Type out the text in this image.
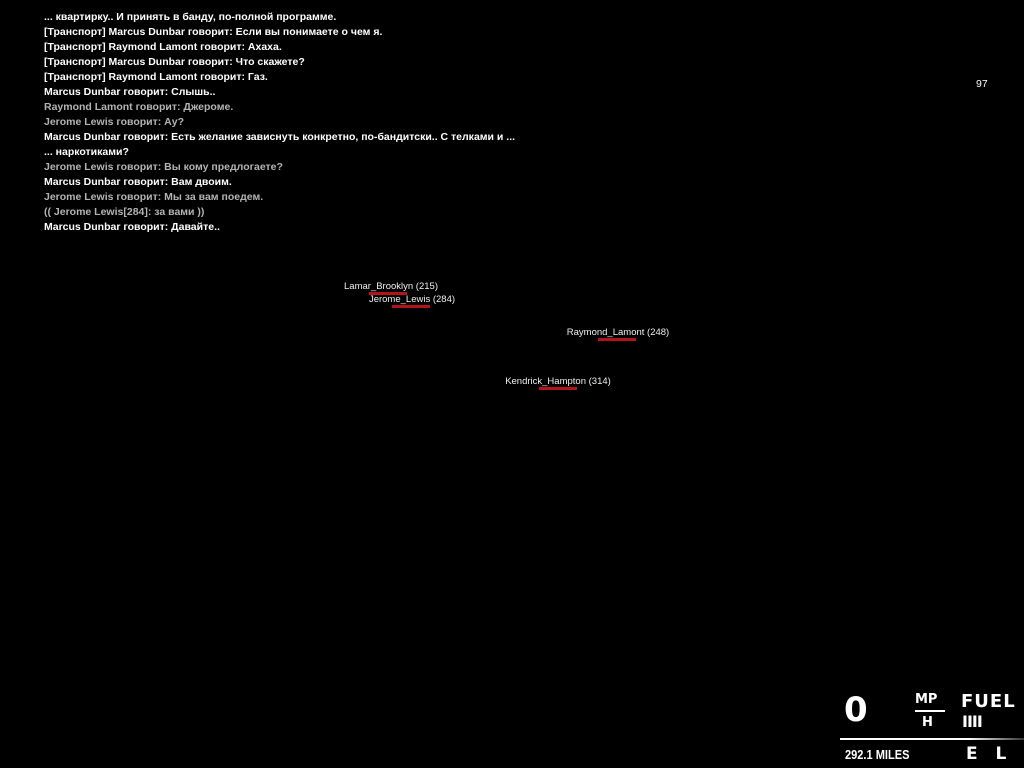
... квартирку.. И принять в банду, по-полной программе.
[Транспорт] Marcus Dunbar говорит: Если вы понимаете о чем я.
[Транспорт] Raymond Lamont говорит: Ахаха.
[Транспорт] Marcus Dunbar говорит: Что скажете?
[Транспорт] Raymond Lamont говорит: Газ.
Marcus Dunbar говорит: Слышь..
Raymond Lamont говорит: Джероме.
Jerome Lewis говорит: Ау?
Marcus Dunbar говорит: Есть желание зависнуть конкретно, по-бандитски.. С телками и ...
... наркотиками?
Jerome Lewis говорит: Вы кому предлогаете?
Marcus Dunbar говорит: Вам двоим.
Jerome Lewis говорит: Мы за вам поедем.
(( Jerome Lewis[284]: за вами ))
Marcus Dunbar говорит: Давайте..
97
Lamar_Brooklyn (215)
Jerome_Lewis (284)
Raymond_Lamont (248)
Kendrick_Hampton (314)
0	MP
H
FUEL
IIII
292.1 MILES	E L
